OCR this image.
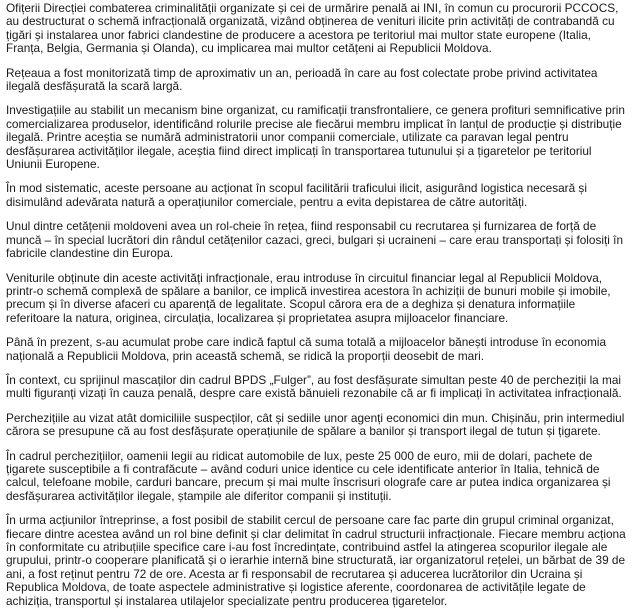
Ofițerii Direcției combaterea criminalității organizate și cei de urmărire penală ai INI, în comun cu procurorii PCCOCS, au destructurat o schemă infracțională organizată, vizând obținerea de venituri ilicite prin activități de contrabandă cu țigări și instalarea unor fabrici clandestine de producere a acestora pe teritoriul mai multor state europene (Italia, Franța, Belgia, Germania și Olanda), cu implicarea mai multor cetățeni ai Republicii Moldova.

Rețeaua a fost monitorizată timp de aproximativ un an, perioadă în care au fost colectate probe privind activitatea ilegală desfășurată la scară largă.

Investigațiile au stabilit un mecanism bine organizat, cu ramificații transfrontaliere, ce genera profituri semnificative prin comercializarea produselor, identificând rolurile precise ale fiecărui membru implicat în lanțul de producție și distribuție ilegală. Printre aceștia se numără administratorii unor companii comerciale, utilizate ca paravan legal pentru desfășurarea activităților ilegale, aceștia fiind direct implicați în transportarea tutunului și a țigaretelor pe teritoriul Uniunii Europene.

În mod sistematic, aceste persoane au acționat în scopul facilitării traficului ilicit, asigurând logistica necesară și disimulând adevărata natură a operațiunilor comerciale, pentru a evita depistarea de către autorități.

Unul dintre cetățenii moldoveni avea un rol-cheie în rețea, fiind responsabil cu recrutarea și furnizarea de forță de muncă – în special lucrători din rândul cetățenilor cazaci, greci, bulgari și ucraineni – care erau transportați și folosiți în fabricile clandestine din Europa.

Veniturile obținute din aceste activități infracționale, erau introduse în circuitul financiar legal al Republicii Moldova, printr-o schemă complexă de spălare a banilor, ce implică investirea acestora în achiziții de bunuri mobile și imobile, precum și în diverse afaceri cu aparență de legalitate. Scopul cărora era de a deghiza și denatura informațiile referitoare la natura, originea, circulația, localizarea și proprietatea asupra mijloacelor financiare.

Până în prezent, s-au acumulat probe care indică faptul că suma totală a mijloacelor bănești introduse în economia națională a Republicii Moldova, prin această schemă, se ridică la proporții deosebit de mari.

În context, cu sprijinul mascaților din cadrul BPDS „Fulger”, au fost desfășurate simultan peste 40 de percheziții la mai multi figuranți vizați în cauza penală, despre care există bănuieli rezonabile că ar fi implicați în activitatea infracțională.

Perchezițiile au vizat atât domiciliile suspecților, cât și sediile unor agenți economici din mun. Chișinău, prin intermediul cărora se presupune că au fost desfășurate operațiunile de spălare a banilor și transport ilegal de tutun și țigarete.

În cadrul perchezițiilor, oamenii legii au ridicat automobile de lux, peste 25 000 de euro, mii de dolari, pachete de țigarete susceptibile a fi contrafăcute – având coduri unice identice cu cele identificate anterior în Italia, tehnică de calcul, telefoane mobile, carduri bancare, precum și mai multe înscrisuri olografe care ar putea indica organizarea și desfășurarea activităților ilegale, ștampile ale diferitor companii și instituții.

În urma acțiunilor întreprinse, a fost posibil de stabilit cercul de persoane care fac parte din grupul criminal organizat, fiecare dintre acestea având un rol bine definit și clar delimitat în cadrul structurii infracționale. Fiecare membru acționa în conformitate cu atribuțiile specifice care i-au fost încredințate, contribuind astfel la atingerea scopurilor ilegale ale grupului, printr-o cooperare planificată și o ierarhie internă bine structurată, iar organizatorul rețelei, un bărbat de 39 de ani, a fost reținut pentru 72 de ore. Acesta ar fi responsabil de recrutarea și aducerea lucrătorilor din Ucraina și Republica Moldova, de toate aspectele administrative și logistice aferente, coordonarea de activitățile legate de achiziția, transportul și instalarea utilajelor specializate pentru producerea țigaretelor.
